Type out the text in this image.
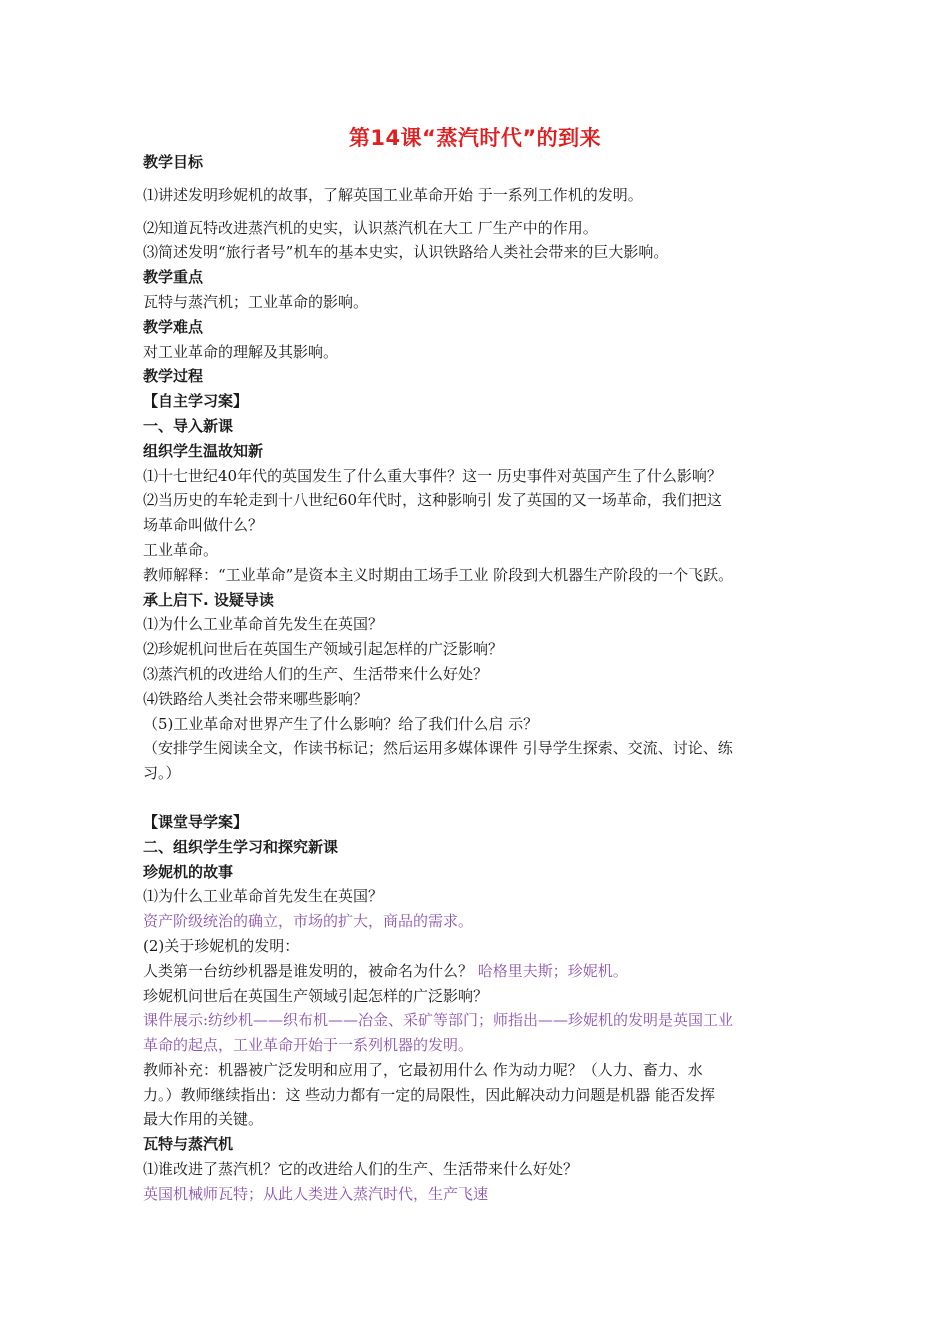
第14课“蒸汽时代”的到来
教学目标
⑴讲述发明珍妮机的故事，了解英国工业革命开始 于一系列工作机的发明。
⑵知道瓦特改进蒸汽机的史实，认识蒸汽机在大工 厂生产中的作用。
⑶简述发明“旅行者号”机车的基本史实，认识铁路给人类社会带来的巨大影响。
教学重点
瓦特与蒸汽机；工业革命的影响。
教学难点
对工业革命的理解及其影响。
教学过程
【自主学习案】
一、导入新课
组织学生温故知新
⑴十七世纪40年代的英国发生了什么重大事件？这一 历史事件对英国产生了什么影响？
⑵当历史的车轮走到十八世纪60年代时，这种影响引 发了英国的又一场革命，我们把这
场革命叫做什么？
工业革命。
教师解释：“工业革命”是资本主义时期由工场手工业 阶段到大机器生产阶段的一个飞跃。
承上启下. 设疑导读
⑴为什么工业革命首先发生在英国？
⑵珍妮机问世后在英国生产领域引起怎样的广泛影响？
⑶蒸汽机的改进给人们的生产、生活带来什么好处？
⑷铁路给人类社会带来哪些影响？
（5)工业革命对世界产生了什么影响？给了我们什么启 示？
（安排学生阅读全文，作读书标记；然后运用多媒体课件 引导学生探索、交流、讨论、练
习。）
【课堂导学案】
二、组织学生学习和探究新课
珍妮机的故事
⑴为什么工业革命首先发生在英国？
资产阶级统治的确立，市场的扩大，商品的需求。
(2)关于珍妮机的发明：
人类第一台纺纱机器是谁发明的，被命名为什么？ 哈格里夫斯；珍妮机。
珍妮机问世后在英国生产领域引起怎样的广泛影响？
课件展示:纺纱机——织布机——冶金、采矿等部门；师指出——珍妮机的发明是英国工业
革命的起点，工业革命开始于一系列机器的发明。
教师补充：机器被广泛发明和应用了，它最初用什么 作为动力呢？（人力、畜力、水
力。）教师继续指出：这 些动力都有一定的局限性，因此解决动力问题是机器 能否发挥
最大作用的关键。
瓦特与蒸汽机
⑴谁改进了蒸汽机？它的改进给人们的生产、生活带来什么好处？
英国机械师瓦特；从此人类进入蒸汽时代，生产飞速
